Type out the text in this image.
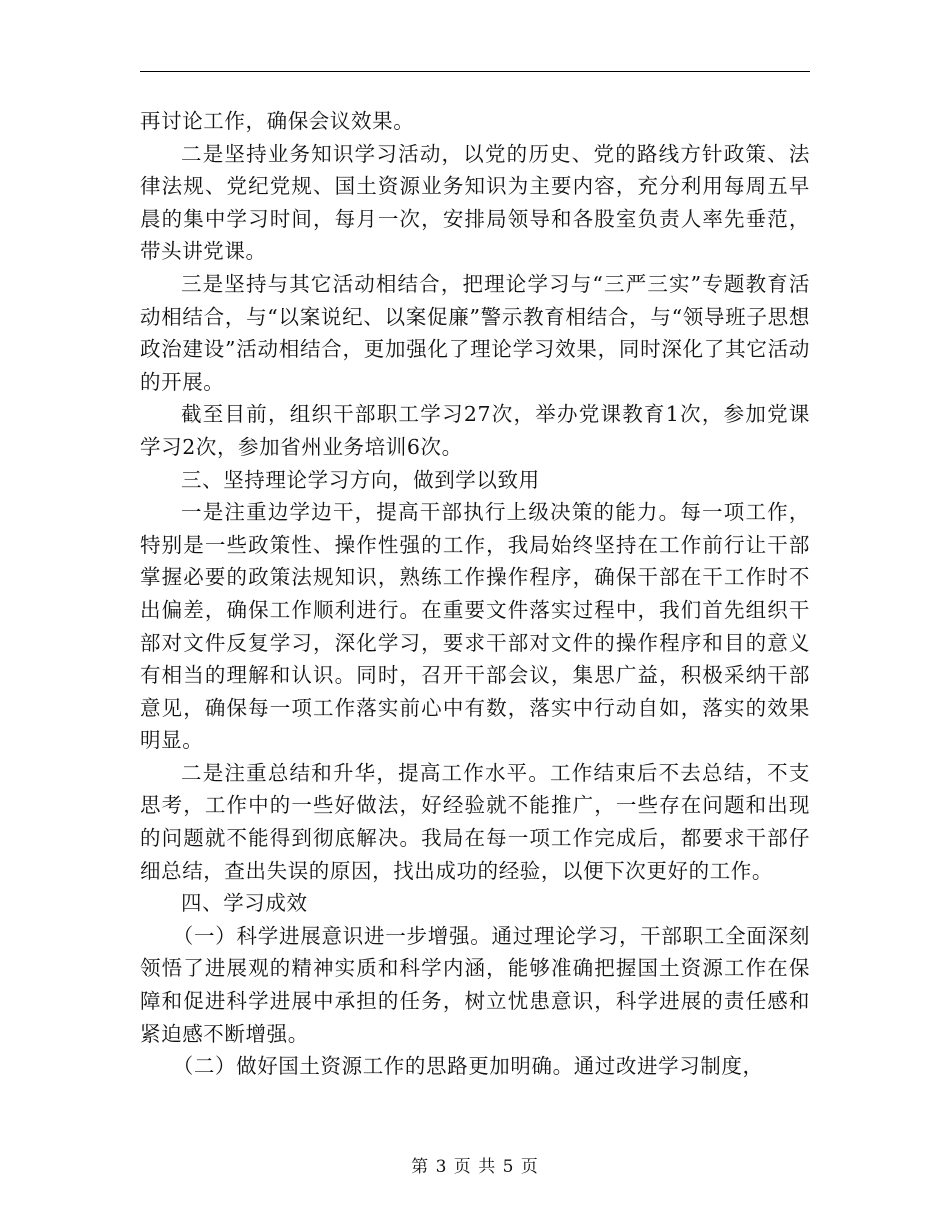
再讨论工作，确保会议效果。

二是坚持业务知识学习活动，以党的历史、党的路线方针政策、法律法规、党纪党规、国土资源业务知识为主要内容，充分利用每周五早晨的集中学习时间，每月一次，安排局领导和各股室负责人率先垂范，带头讲党课。

三是坚持与其它活动相结合，把理论学习与“三严三实”专题教育活动相结合，与“以案说纪、以案促廉”警示教育相结合，与“领导班子思想政治建设”活动相结合，更加强化了理论学习效果，同时深化了其它活动的开展。

截至目前，组织干部职工学习27次，举办党课教育1次，参加党课学习2次，参加省州业务培训6次。

三、坚持理论学习方向，做到学以致用

一是注重边学边干，提高干部执行上级决策的能力。每一项工作，特别是一些政策性、操作性强的工作，我局始终坚持在工作前行让干部掌握必要的政策法规知识，熟练工作操作程序，确保干部在干工作时不出偏差，确保工作顺利进行。在重要文件落实过程中，我们首先组织干部对文件反复学习，深化学习，要求干部对文件的操作程序和目的意义有相当的理解和认识。同时，召开干部会议，集思广益，积极采纳干部意见，确保每一项工作落实前心中有数，落实中行动自如，落实的效果明显。

二是注重总结和升华，提高工作水平。工作结束后不去总结，不支思考，工作中的一些好做法，好经验就不能推广，一些存在问题和出现的问题就不能得到彻底解决。我局在每一项工作完成后，都要求干部仔细总结，查出失误的原因，找出成功的经验，以便下次更好的工作。

四、学习成效

（一）科学进展意识进一步增强。通过理论学习，干部职工全面深刻领悟了进展观的精神实质和科学内涵，能够准确把握国土资源工作在保障和促进科学进展中承担的任务，树立忧患意识，科学进展的责任感和紧迫感不断增强。

（二）做好国土资源工作的思路更加明确。通过改进学习制度，

第 3 页 共 5 页
